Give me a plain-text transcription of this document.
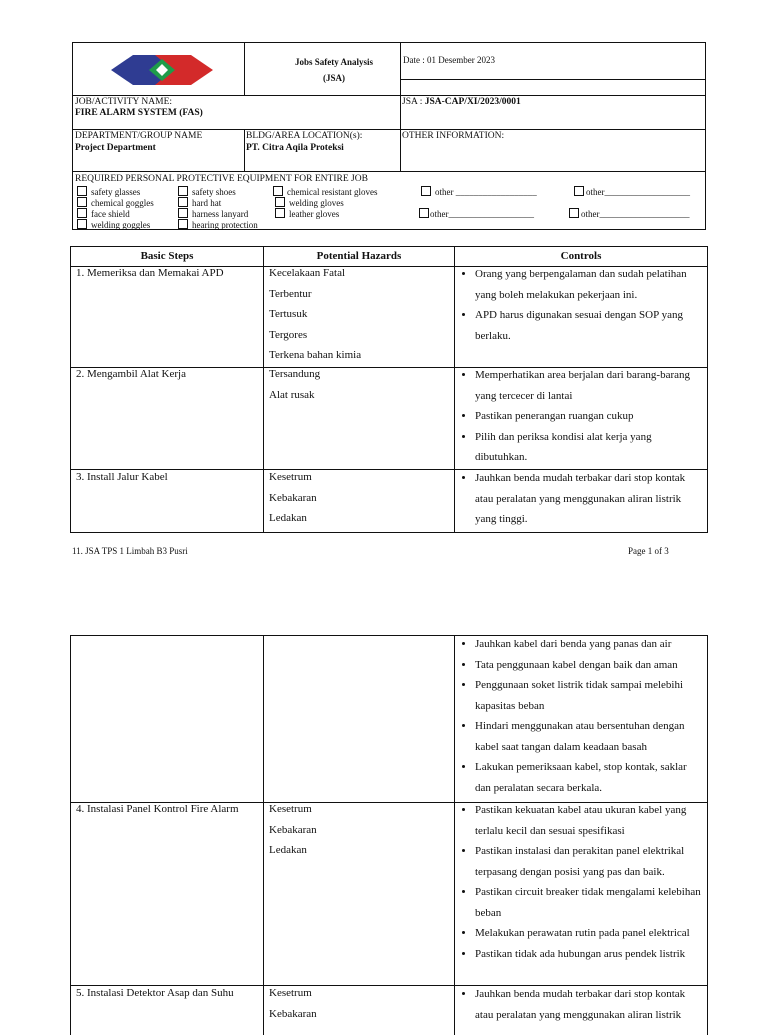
Jobs Safety Analysis
(JSA)
Date : 01 Desember 2023
JOB/ACTIVITY NAME:
FIRE ALARM SYSTEM (FAS)
JSA : JSA-CAP/XI/2023/0001
DEPARTMENT/GROUP NAME
Project Department
BLDG/AREA LOCATION(s):
PT. Citra Aqila Proteksi
OTHER INFORMATION:
REQUIRED PERSONAL PROTECTIVE EQUIPMENT FOR ENTIRE JOB
safety glasses
chemical goggles
face shield
welding goggles
safety shoes
hard hat
harness lanyard
hearing protection
chemical resistant gloves
welding gloves
leather gloves
other __________________
other___________________
other___________________
other____________________
Basic Steps	Potential Hazards	Controls
1. Memeriksa dan Memakai APD	Kecelakaan Fatal
Terbentur
Tertusuk
Tergores
Terkena bahan kimia
• Orang yang berpengalaman dan sudah pelatihan yang boleh melakukan pekerjaan ini.
• APD harus digunakan sesuai dengan SOP yang berlaku.
2. Mengambil Alat Kerja	Tersandung
Alat rusak
• Memperhatikan area berjalan dari barang-barang yang tercecer di lantai
• Pastikan penerangan ruangan cukup
• Pilih dan periksa kondisi alat kerja yang dibutuhkan.
3. Install Jalur Kabel	Kesetrum
Kebakaran
Ledakan
• Jauhkan benda mudah terbakar dari stop kontak atau peralatan yang menggunakan aliran listrik yang tinggi.
11. JSA TPS 1 Limbah B3 Pusri	Page 1 of 3
• Jauhkan kabel dari benda yang panas dan air
• Tata penggunaan kabel dengan baik dan aman
• Penggunaan soket listrik tidak sampai melebihi kapasitas beban
• Hindari menggunakan atau bersentuhan dengan kabel saat tangan dalam keadaan basah
• Lakukan pemeriksaan kabel, stop kontak, saklar dan peralatan secara berkala.
4. Instalasi Panel Kontrol Fire Alarm	Kesetrum
Kebakaran
Ledakan
• Pastikan kekuatan kabel atau ukuran kabel yang terlalu kecil dan sesuai spesifikasi
• Pastikan instalasi dan perakitan panel elektrikal terpasang dengan posisi yang pas dan baik.
• Pastikan circuit breaker tidak mengalami kelebihan beban
• Melakukan perawatan rutin pada panel elektrical
• Pastikan tidak ada hubungan arus pendek listrik
5. Instalasi Detektor Asap dan Suhu	Kesetrum
Kebakaran
• Jauhkan benda mudah terbakar dari stop kontak atau peralatan yang menggunakan aliran listrik
